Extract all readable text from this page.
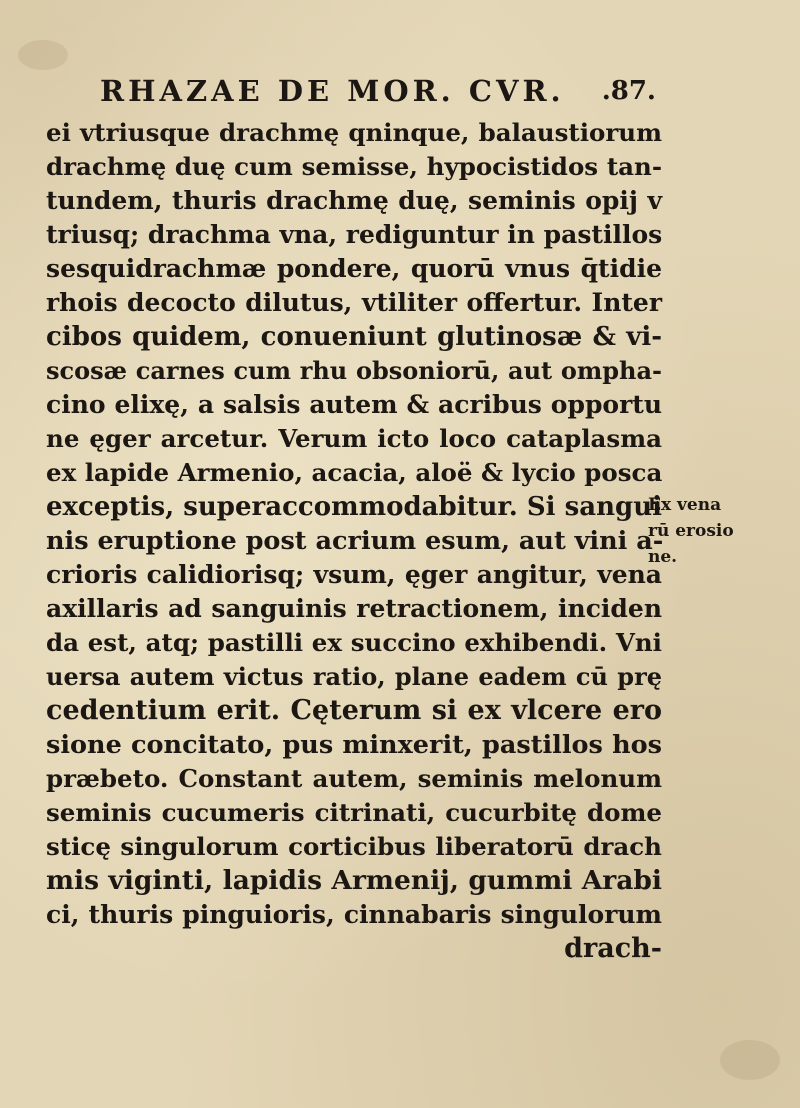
RHAZAE DE MOR. CVR. .87.
ei vtriusque drachmę qninque, balaustiorum
drachmę duę cum semisse, hypocistidos tan-
tundem, thuris drachmę duę, seminis opij v
triusq; drachma vna, rediguntur in pastillos
sesquidrachmæ pondere, quorū vnus q̄tidie
rhois decocto dilutus, vtiliter offertur. Inter
cibos quidem, conueniunt glutinosæ & vi-
scosæ carnes cum rhu obsoniorū, aut ompha-
cino elixę, a salsis autem & acribus opportu
ne ęger arcetur. Verum icto loco cataplasma
ex lapide Armenio, acacia, aloë & lycio posca
exceptis, superaccommodabitur. Si sangui
nis eruptione post acrium esum, aut vini a-
crioris calidiorisq; vsum, ęger angitur, vena
axillaris ad sanguinis retractionem, inciden
da est, atq; pastilli ex succino exhibendi. Vni
uersa autem victus ratio, plane eadem cū prę
cedentium erit. Cęterum si ex vlcere ero
sione concitato, pus minxerit, pastillos hos
præbeto. Constant autem, seminis melonum
seminis cucumeris citrinati, cucurbitę dome
sticę singulorum corticibus liberatorū drach
mis viginti, lapidis Armenij, gummi Arabi
ci, thuris pinguioris, cinnabaris singulorum
drach-
Ex vena
rū erosio
ne.
